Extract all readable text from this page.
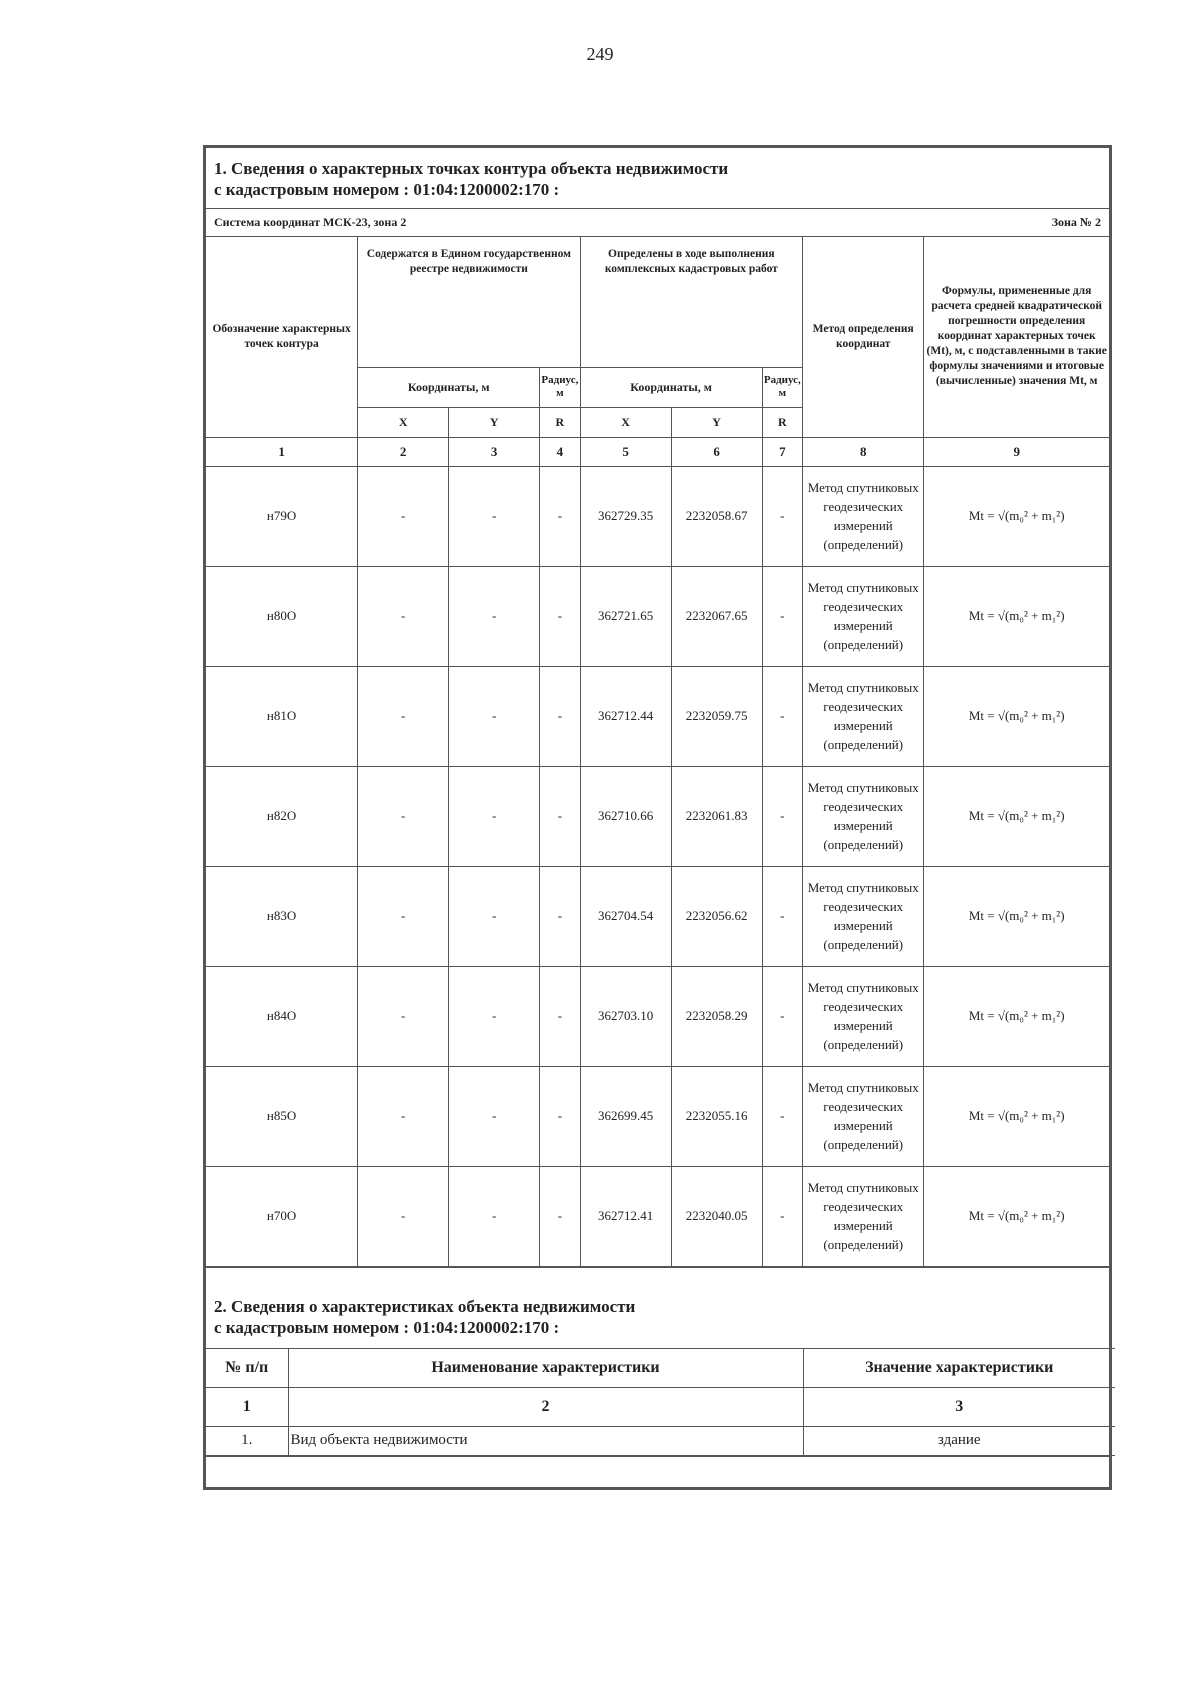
249
1. Сведения о характерных точках контура объекта недвижимости
с кадастровым номером : 01:04:1200002:170 :
Система координат МСК-23, зона 2	Зона № 2
Обозначение характерных точек контура	Содержатся в Едином государственном реестре недвижимости			Определены в ходе выполнения комплексных кадастровых работ			Метод определения координат	Формулы, примененные для расчета средней квадратической погрешности определения координат характерных точек (Mt), м, с подставленными в такие формулы значениями и итоговые (вычисленные) значения Mt, м
	Координаты, м		Радиус, м	Координаты, м		Радиус, м		
	X	Y	R	X	Y	R		
1	2	3	4	5	6	7	8	9
н79О	-	-	-	362729.35	2232058.67	-	Метод спутниковых геодезических измерений (определений)	Mt = √(m₀² + m₁²)
н80О	-	-	-	362721.65	2232067.65	-	Метод спутниковых геодезических измерений (определений)	Mt = √(m₀² + m₁²)
н81О	-	-	-	362712.44	2232059.75	-	Метод спутниковых геодезических измерений (определений)	Mt = √(m₀² + m₁²)
н82О	-	-	-	362710.66	2232061.83	-	Метод спутниковых геодезических измерений (определений)	Mt = √(m₀² + m₁²)
н83О	-	-	-	362704.54	2232056.62	-	Метод спутниковых геодезических измерений (определений)	Mt = √(m₀² + m₁²)
н84О	-	-	-	362703.10	2232058.29	-	Метод спутниковых геодезических измерений (определений)	Mt = √(m₀² + m₁²)
н85О	-	-	-	362699.45	2232055.16	-	Метод спутниковых геодезических измерений (определений)	Mt = √(m₀² + m₁²)
н70О	-	-	-	362712.41	2232040.05	-	Метод спутниковых геодезических измерений (определений)	Mt = √(m₀² + m₁²)
2. Сведения о характеристиках объекта недвижимости
с кадастровым номером : 01:04:1200002:170 :
№ п/п	Наименование характеристики	Значение характеристики
1	2	3
1.	Вид объекта недвижимости	здание
